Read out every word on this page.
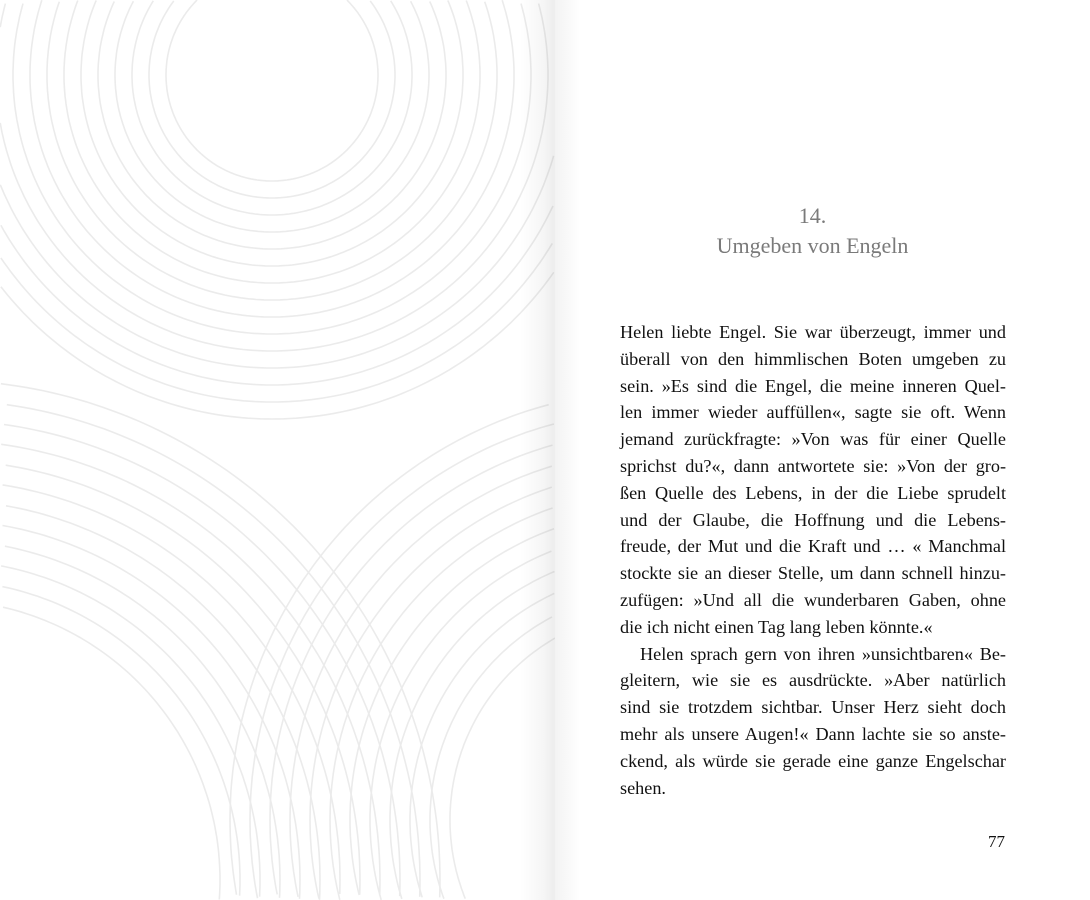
14.
Umgeben von Engeln
Helen liebte Engel. Sie war überzeugt, immer und
überall von den himmlischen Boten umgeben zu
sein. »Es sind die Engel, die meine inneren Quel-
len immer wieder auffüllen«, sagte sie oft. Wenn
jemand zurückfragte: »Von was für einer Quelle
sprichst du?«, dann antwortete sie: »Von der gro-
ßen Quelle des Lebens, in der die Liebe sprudelt
und der Glaube, die Hoffnung und die Lebens-
freude, der Mut und die Kraft und … « Manchmal
stockte sie an dieser Stelle, um dann schnell hinzu-
zufügen: »Und all die wunderbaren Gaben, ohne
die ich nicht einen Tag lang leben könnte.«
Helen sprach gern von ihren »unsichtbaren« Be-
gleitern, wie sie es ausdrückte. »Aber natürlich
sind sie trotzdem sichtbar. Unser Herz sieht doch
mehr als unsere Augen!« Dann lachte sie so anste-
ckend, als würde sie gerade eine ganze Engelschar
sehen.
77
